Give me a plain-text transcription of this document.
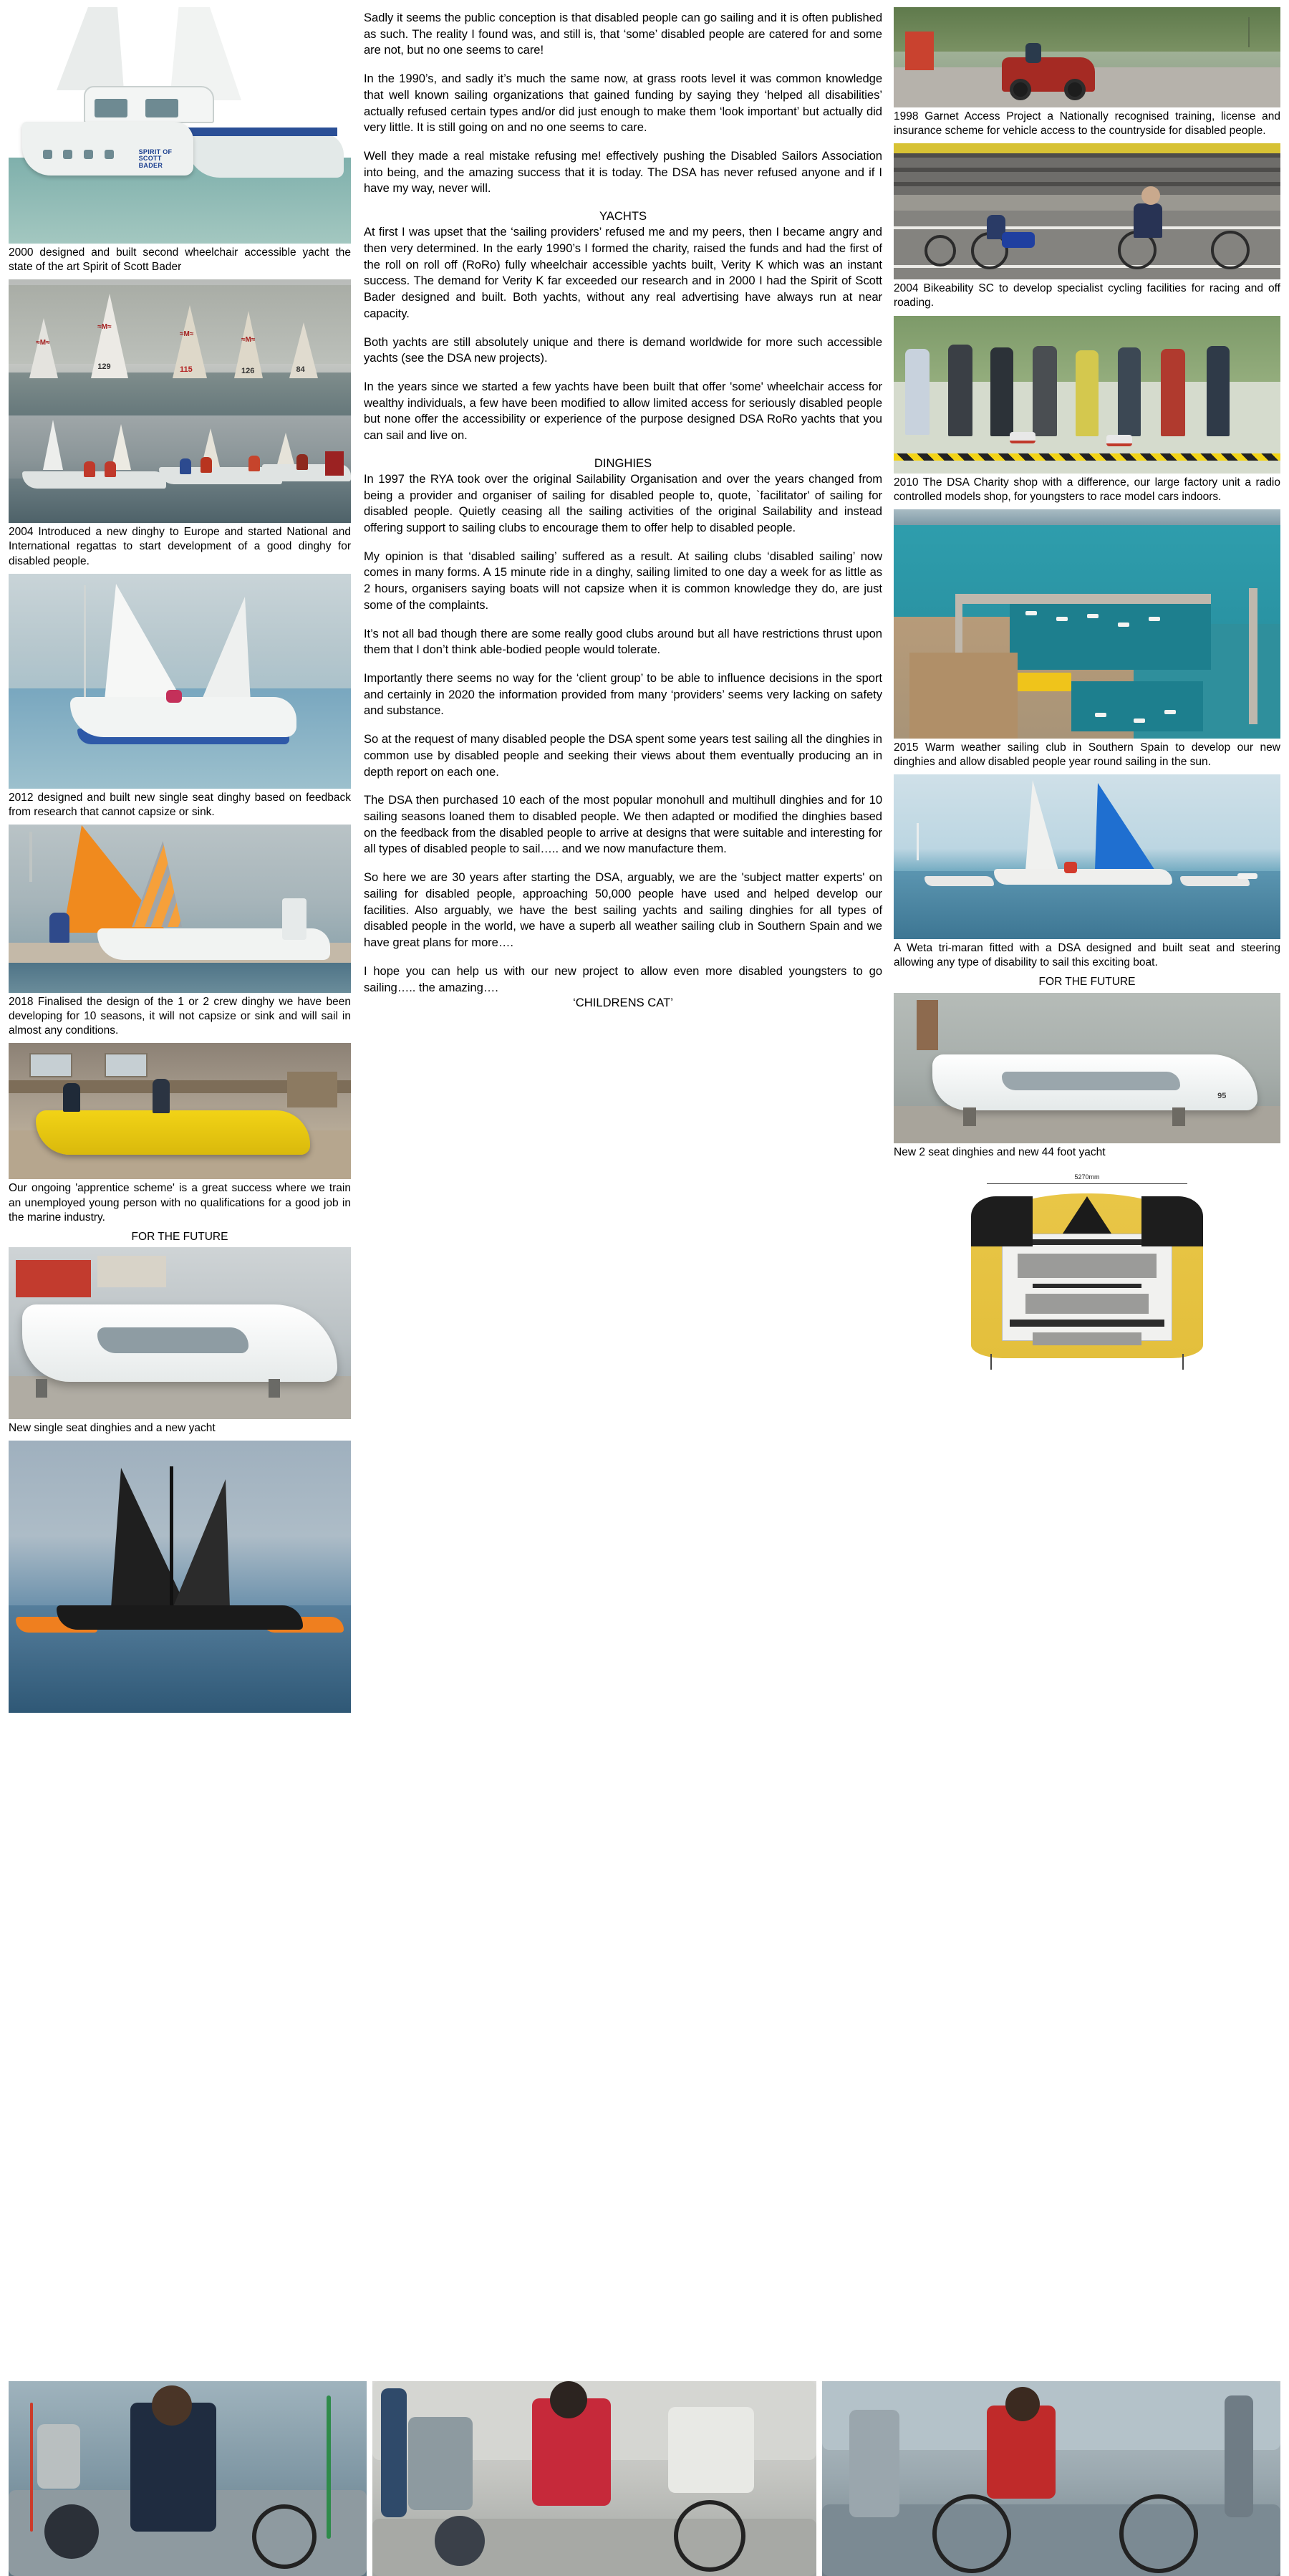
SPIRIT OF
SCOTT
BADER
2000 designed and built second wheelchair accessible yacht the state of the art Spirit of Scott Bader
≈M≈
≈M≈
≈M≈
≈M≈
129	115	126	84
2004 Introduced a new dinghy to Europe and started National and International regattas to start development of a good dinghy for disabled people.
2012 designed and built new single seat dinghy based on feedback from research that cannot capsize or sink.
2018 Finalised the design of the 1 or 2 crew dinghy we have been developing for 10 seasons, it will not capsize or sink and will sail in almost any conditions.
Our ongoing 'apprentice scheme' is a great success where we train an unemployed young person with no qualifications for a good job in the marine industry.
FOR THE FUTURE
New single seat dinghies and a new yacht

Sadly it seems the public conception is that disabled people can go sailing and it is often published as such. The reality I found was, and still is, that ‘some’ disabled people are catered for and some are not, but no one seems to care!

In the 1990’s, and sadly it’s much the same now, at grass roots level it was common knowledge that well known sailing organizations that gained funding by saying they ‘helped all disabilities’ actually refused certain types and/or did just enough to make them ‘look important’ but actually did very little. It is still going on and no one seems to care.

Well they made a real mistake refusing me! effectively pushing the Disabled Sailors Association into being, and the amazing success that it is today. The DSA has never refused anyone and if I have my way, never will.

YACHTS

At first I was upset that the ‘sailing providers’ refused me and my peers, then I became angry and then very determined. In the early 1990’s I formed the charity, raised the funds and had the first of the roll on roll off (RoRo) fully wheelchair accessible yachts built, Verity K which was an instant success. The demand for Verity K far exceeded our research and in 2000 I had the Spirit of Scott Bader designed and built. Both yachts, without any real advertising have always run at near capacity.

Both yachts are still absolutely unique and there is demand worldwide for more such accessible yachts (see the DSA new projects).

In the years since we started a few yachts have been built that offer 'some' wheelchair access for wealthy individuals, a few have been modified to allow limited access for seriously disabled people but none offer the accessibility or experience of the purpose designed DSA RoRo yachts that you can sail and live on.

DINGHIES

In 1997 the RYA took over the original Sailability Organisation and over the years changed from being a provider and organiser of sailing for disabled people to, quote, `facilitator' of sailing for disabled people. Quietly ceasing all the sailing activities of the original Sailability and instead offering support to sailing clubs to encourage them to offer help to disabled people.

My opinion is that ‘disabled sailing’ suffered as a result. At sailing clubs ‘disabled sailing’ now comes in many forms. A 15 minute ride in a dinghy, sailing limited to one day a week for as little as 2 hours, organisers saying boats will not capsize when it is common knowledge they do, are just some of the complaints.

It’s not all bad though there are some really good clubs around but all have restrictions thrust upon them that I don’t think able-bodied people would tolerate.

Importantly there seems no way for the ‘client group’ to be able to influence decisions in the sport and certainly in 2020 the information provided from many ‘providers’ seems very lacking on safety and substance.

So at the request of many disabled people the DSA spent some years test sailing all the dinghies in common use by disabled people and seeking their views about them eventually producing an in depth report on each one.

The DSA then purchased 10 each of the most popular monohull and multihull dinghies and for 10 sailing seasons loaned them to disabled people. We then adapted or modified the dinghies based on the feedback from the disabled people to arrive at designs that were suitable and interesting for all types of disabled people to sail….. and we now manufacture them.

So here we are 30 years after starting the DSA, arguably, we are the 'subject matter experts' on sailing for disabled people, approaching 50,000 people have used and helped develop our facilities. Also arguably, we have the best sailing yachts and sailing dinghies for all types of disabled people in the world, we have a superb all weather sailing club in Southern Spain and we have great plans for more….

I hope you can help us with our new project to allow even more disabled youngsters to go sailing….. the amazing….

‘CHILDRENS CAT’
1998 Garnet Access Project a Nationally recognised training, license and insurance scheme for vehicle access to the countryside for disabled people.
2004 Bikeability SC to develop specialist cycling facilities for racing and off roading.
2010 The DSA Charity shop with a difference, our large factory unit a radio controlled models shop, for youngsters to race model cars indoors.
2015 Warm weather sailing club in Southern Spain to develop our new dinghies and allow disabled people year round sailing in the sun.
A Weta tri-maran fitted with a DSA designed and built seat and steering allowing any type of disability to sail this exciting boat.
FOR THE FUTURE
95
New 2 seat dinghies and new 44 foot yacht
5270mm
